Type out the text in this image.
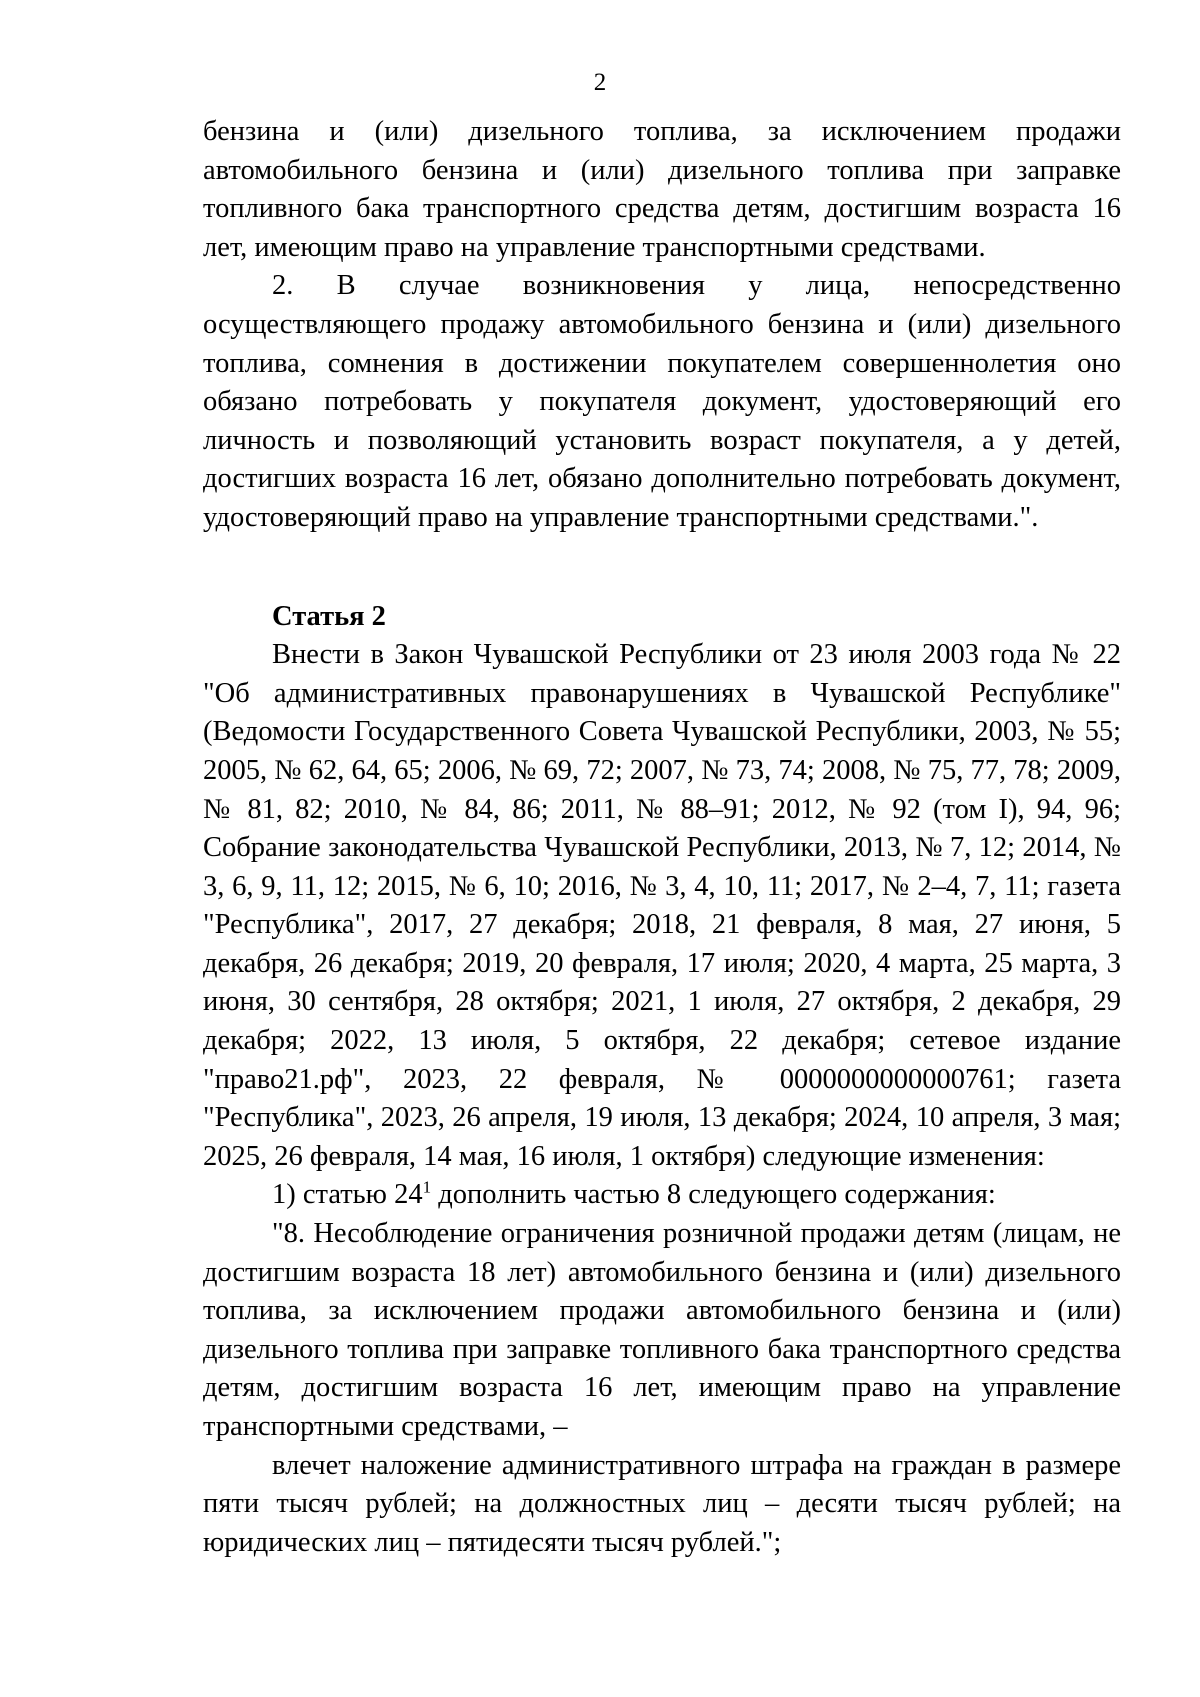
2

бензина и (или) дизельного топлива, за исключением продажи автомобильного бензина и (или) дизельного топлива при заправке топливного бака транспортного средства детям, достигшим возраста 16 лет, имеющим право на управление транспортными средствами.

2. В случае возникновения у лица, непосредственно осуществляющего продажу автомобильного бензина и (или) дизельного топлива, сомнения в достижении покупателем совершеннолетия оно обязано потребовать у покупателя документ, удостоверяющий его личность и позволяющий установить возраст покупателя, а у детей, достигших возраста 16 лет, обязано дополнительно потребовать документ, удостоверяющий право на управление транспортными средствами.".

Статья 2

Внести в Закон Чувашской Республики от 23 июля 2003 года № 22 "Об административных правонарушениях в Чувашской Республике" (Ведомости Государственного Совета Чувашской Республики, 2003, № 55; 2005, № 62, 64, 65; 2006, № 69, 72; 2007, № 73, 74; 2008, № 75, 77, 78; 2009, № 81, 82; 2010, № 84, 86; 2011, № 88–91; 2012, № 92 (том I), 94, 96; Собрание законодательства Чувашской Республики, 2013, № 7, 12; 2014, № 3, 6, 9, 11, 12; 2015, № 6, 10; 2016, № 3, 4, 10, 11; 2017, № 2–4, 7, 11; газета "Республика", 2017, 27 декабря; 2018, 21 февраля, 8 мая, 27 июня, 5 декабря, 26 декабря; 2019, 20 февраля, 17 июля; 2020, 4 марта, 25 марта, 3 июня, 30 сентября, 28 октября; 2021, 1 июля, 27 октября, 2 декабря, 29 декабря; 2022, 13 июля, 5 октября, 22 декабря; сетевое издание "право21.рф", 2023, 22 февраля, № 0000000000000761; газета "Республика", 2023, 26 апреля, 19 июля, 13 декабря; 2024, 10 апреля, 3 мая; 2025, 26 февраля, 14 мая, 16 июля, 1 октября) следующие изменения:

1) статью $24^1$ дополнить частью 8 следующего содержания:

"8. Несоблюдение ограничения розничной продажи детям (лицам, не достигшим возраста 18 лет) автомобильного бензина и (или) дизельного топлива, за исключением продажи автомобильного бензина и (или) дизельного топлива при заправке топливного бака транспортного средства детям, достигшим возраста 16 лет, имеющим право на управление транспортными средствами, –

влечет наложение административного штрафа на граждан в размере пяти тысяч рублей; на должностных лиц – десяти тысяч рублей; на юридических лиц – пятидесяти тысяч рублей.";
